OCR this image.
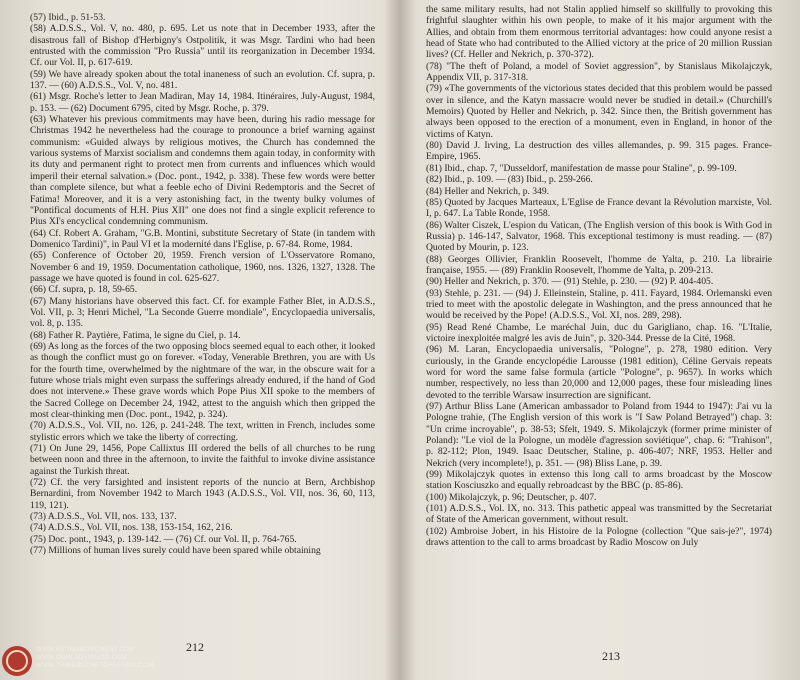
(57) Ibid., p. 51-53.

(58) A.D.S.S., Vol. V, no. 480, p. 695. Let us note that in December 1933, after the disastrous fall of Bishop d'Herbigny's Ostpolitik, it was Msgr. Tardini who had been entrusted with the commission "Pro Russia" until its reorganization in December 1934. Cf. our Vol. II, p. 617-619.

(59) We have already spoken about the total inaneness of such an evolution. Cf. supra, p. 137. — (60) A.D.S.S., Vol. V, no. 481.

(61) Msgr. Roche's letter to Jean Madiran, May 14, 1984. Itinéraires, July-August, 1984, p. 153. — (62) Document 6795, cited by Msgr. Roche, p. 379.

(63) Whatever his previous commitments may have been, during his radio message for Christmas 1942 he nevertheless had the courage to pronounce a brief warning against communism: «Guided always by religious motives, the Church has condemned the various systems of Marxist socialism and condemns them again today, in conformity with its duty and permanent right to protect men from currents and influences which would imperil their eternal salvation.» (Doc. pont., 1942, p. 338). These few words were better than complete silence, but what a feeble echo of Divini Redemptoris and the Secret of Fatima! Moreover, and it is a very astonishing fact, in the twenty bulky volumes of "Pontifical documents of H.H. Pius XII" one does not find a single explicit reference to Pius XI's encyclical condemning communism.

(64) Cf. Robert A. Graham, "G.B. Montini, substitute Secretary of State (in tandem with Domenico Tardini)", in Paul VI et la modernité dans l'Eglise, p. 67-84. Rome, 1984.

(65) Conference of October 20, 1959. French version of L'Osservatore Romano, November 6 and 19, 1959. Documentation catholique, 1960, nos. 1326, 1327, 1328. The passage we have quoted is found in col. 625-627.

(66) Cf. supra, p. 18, 59-65.

(67) Many historians have observed this fact. Cf. for example Father Blet, in A.D.S.S., Vol. VII, p. 3; Henri Michel, "La Seconde Guerre mondiale", Encyclopaedia universalis, vol. 8, p. 135.

(68) Father R. Paytière, Fatima, le signe du Ciel, p. 14.

(69) As long as the forces of the two opposing blocs seemed equal to each other, it looked as though the conflict must go on forever. «Today, Venerable Brethren, you are with Us for the fourth time, overwhelmed by the nightmare of the war, in the obscure wait for a future whose trials might even surpass the sufferings already endured, if the hand of God does not intervene.» These grave words which Pope Pius XII spoke to the members of the Sacred College on December 24, 1942, attest to the anguish which then gripped the most clear-thinking men (Doc. pont., 1942, p. 324).

(70) A.D.S.S., Vol. VII, no. 126, p. 241-248. The text, written in French, includes some stylistic errors which we take the liberty of correcting.

(71) On June 29, 1456, Pope Callixtus III ordered the bells of all churches to be rung between noon and three in the afternoon, to invite the faithful to invoke divine assistance against the Turkish threat.

(72) Cf. the very farsighted and insistent reports of the nuncio at Bern, Archbishop Bernardini, from November 1942 to March 1943 (A.D.S.S., Vol. VII, nos. 36, 60, 113, 119, 121).

(73) A.D.S.S., Vol. VII, nos. 133, 137.

(74) A.D.S.S., Vol. VII, nos. 138, 153-154, 162, 216.

(75) Doc. pont., 1943, p. 139-142. — (76) Cf. our Vol. II, p. 764-765.

(77) Millions of human lives surely could have been spared while obtaining

212

the same military results, had not Stalin applied himself so skillfully to provoking this frightful slaughter within his own people, to make of it his major argument with the Allies, and obtain from them enormous territorial advantages: how could anyone resist a head of State who had contributed to the Allied victory at the price of 20 million Russian lives? (Cf. Heller and Nekrich, p. 370-372).

(78) "The theft of Poland, a model of Soviet aggression", by Stanislaus Mikolajczyk, Appendix VII, p. 317-318.

(79) «The governments of the victorious states decided that this problem would be passed over in silence, and the Katyn massacre would never be studied in detail.» (Churchill's Memoirs) Quoted by Heller and Nekrich, p. 342. Since then, the British government has always been opposed to the erection of a monument, even in England, in honor of the victims of Katyn.

(80) David J. Irving, La destruction des villes allemandes, p. 99. 315 pages. France-Empire, 1965.

(81) Ibid., chap. 7, "Dusseldorf, manifestation de masse pour Staline", p. 99-109.

(82) Ibid., p. 109. — (83) Ibid., p. 259-266.

(84) Heller and Nekrich, p. 349.

(85) Quoted by Jacques Marteaux, L'Eglise de France devant la Révolution marxiste, Vol. I, p. 647. La Table Ronde, 1958.

(86) Walter Ciszek, L'espion du Vatican, (The English version of this book is With God in Russia) p. 146-147, Salvator, 1968. This exceptional testimony is must reading. — (87) Quoted by Mourin, p. 123.

(88) Georges Ollivier, Franklin Roosevelt, l'homme de Yalta, p. 210. La librairie française, 1955. — (89) Franklin Roosevelt, l'homme de Yalta, p. 209-213.

(90) Heller and Nekrich, p. 370. — (91) Stehle, p. 230. — (92) P. 404-405.

(93) Stehle, p. 231. — (94) J. Elleinstein, Staline, p. 411. Fayard, 1984. Orlemanski even tried to meet with the apostolic delegate in Washington, and the press announced that he would be received by the Pope! (A.D.S.S., Vol. XI, nos. 289, 298).

(95) Read René Chambe, Le maréchal Juin, duc du Garigliano, chap. 16. "L'Italie, victoire inexploitée malgré les avis de Juin", p. 320-344. Presse de la Cité, 1968.

(96) M. Laran, Encyclopaedia universalis, "Pologne", p. 278, 1980 edition. Very curiously, in the Grande encyclopédie Larousse (1981 edition), Céline Gervais repeats word for word the same false formula (article "Pologne", p. 9657). In works which number, respectively, no less than 20,000 and 12,000 pages, these four misleading lines devoted to the terrible Warsaw insurrection are significant.

(97) Arthur Bliss Lane (American ambassador to Poland from 1944 to 1947): J'ai vu la Pologne trahie, (The English version of this work is "I Saw Poland Betrayed") chap. 3: "Un crime incroyable", p. 38-53; Sfelt, 1949. S. Mikolajczyk (former prime minister of Poland): "Le viol de la Pologne, un modèle d'agression soviétique", chap. 6: "Trahison", p. 82-112; Plon, 1949. Isaac Deutscher, Staline, p. 406-407; NRF, 1953. Heller and Nekrich (very incomplete!), p. 351. — (98) Bliss Lane, p. 39.

(99) Mikolajczyk quotes in extenso this long call to arms broadcast by the Moscow station Kosciuszko and equally rebroadcast by the BBC (p. 85-86).

(100) Mikolajczyk, p. 96; Deutscher, p. 407.

(101) A.D.S.S., Vol. IX, no. 313. This pathetic appeal was transmitted by the Secretariat of State of the American government, without result.

(102) Ambroise Jobert, in his Histoire de la Pologne (collection "Que sais-je?", 1974) draws attention to the call to arms broadcast by Radio Moscow on July

213
WWW.FATIMAMOVEMENT.COM
WWW.OURLADYISGOD.COM
WWW.THIRDSECRETOFFATIMA.COM
